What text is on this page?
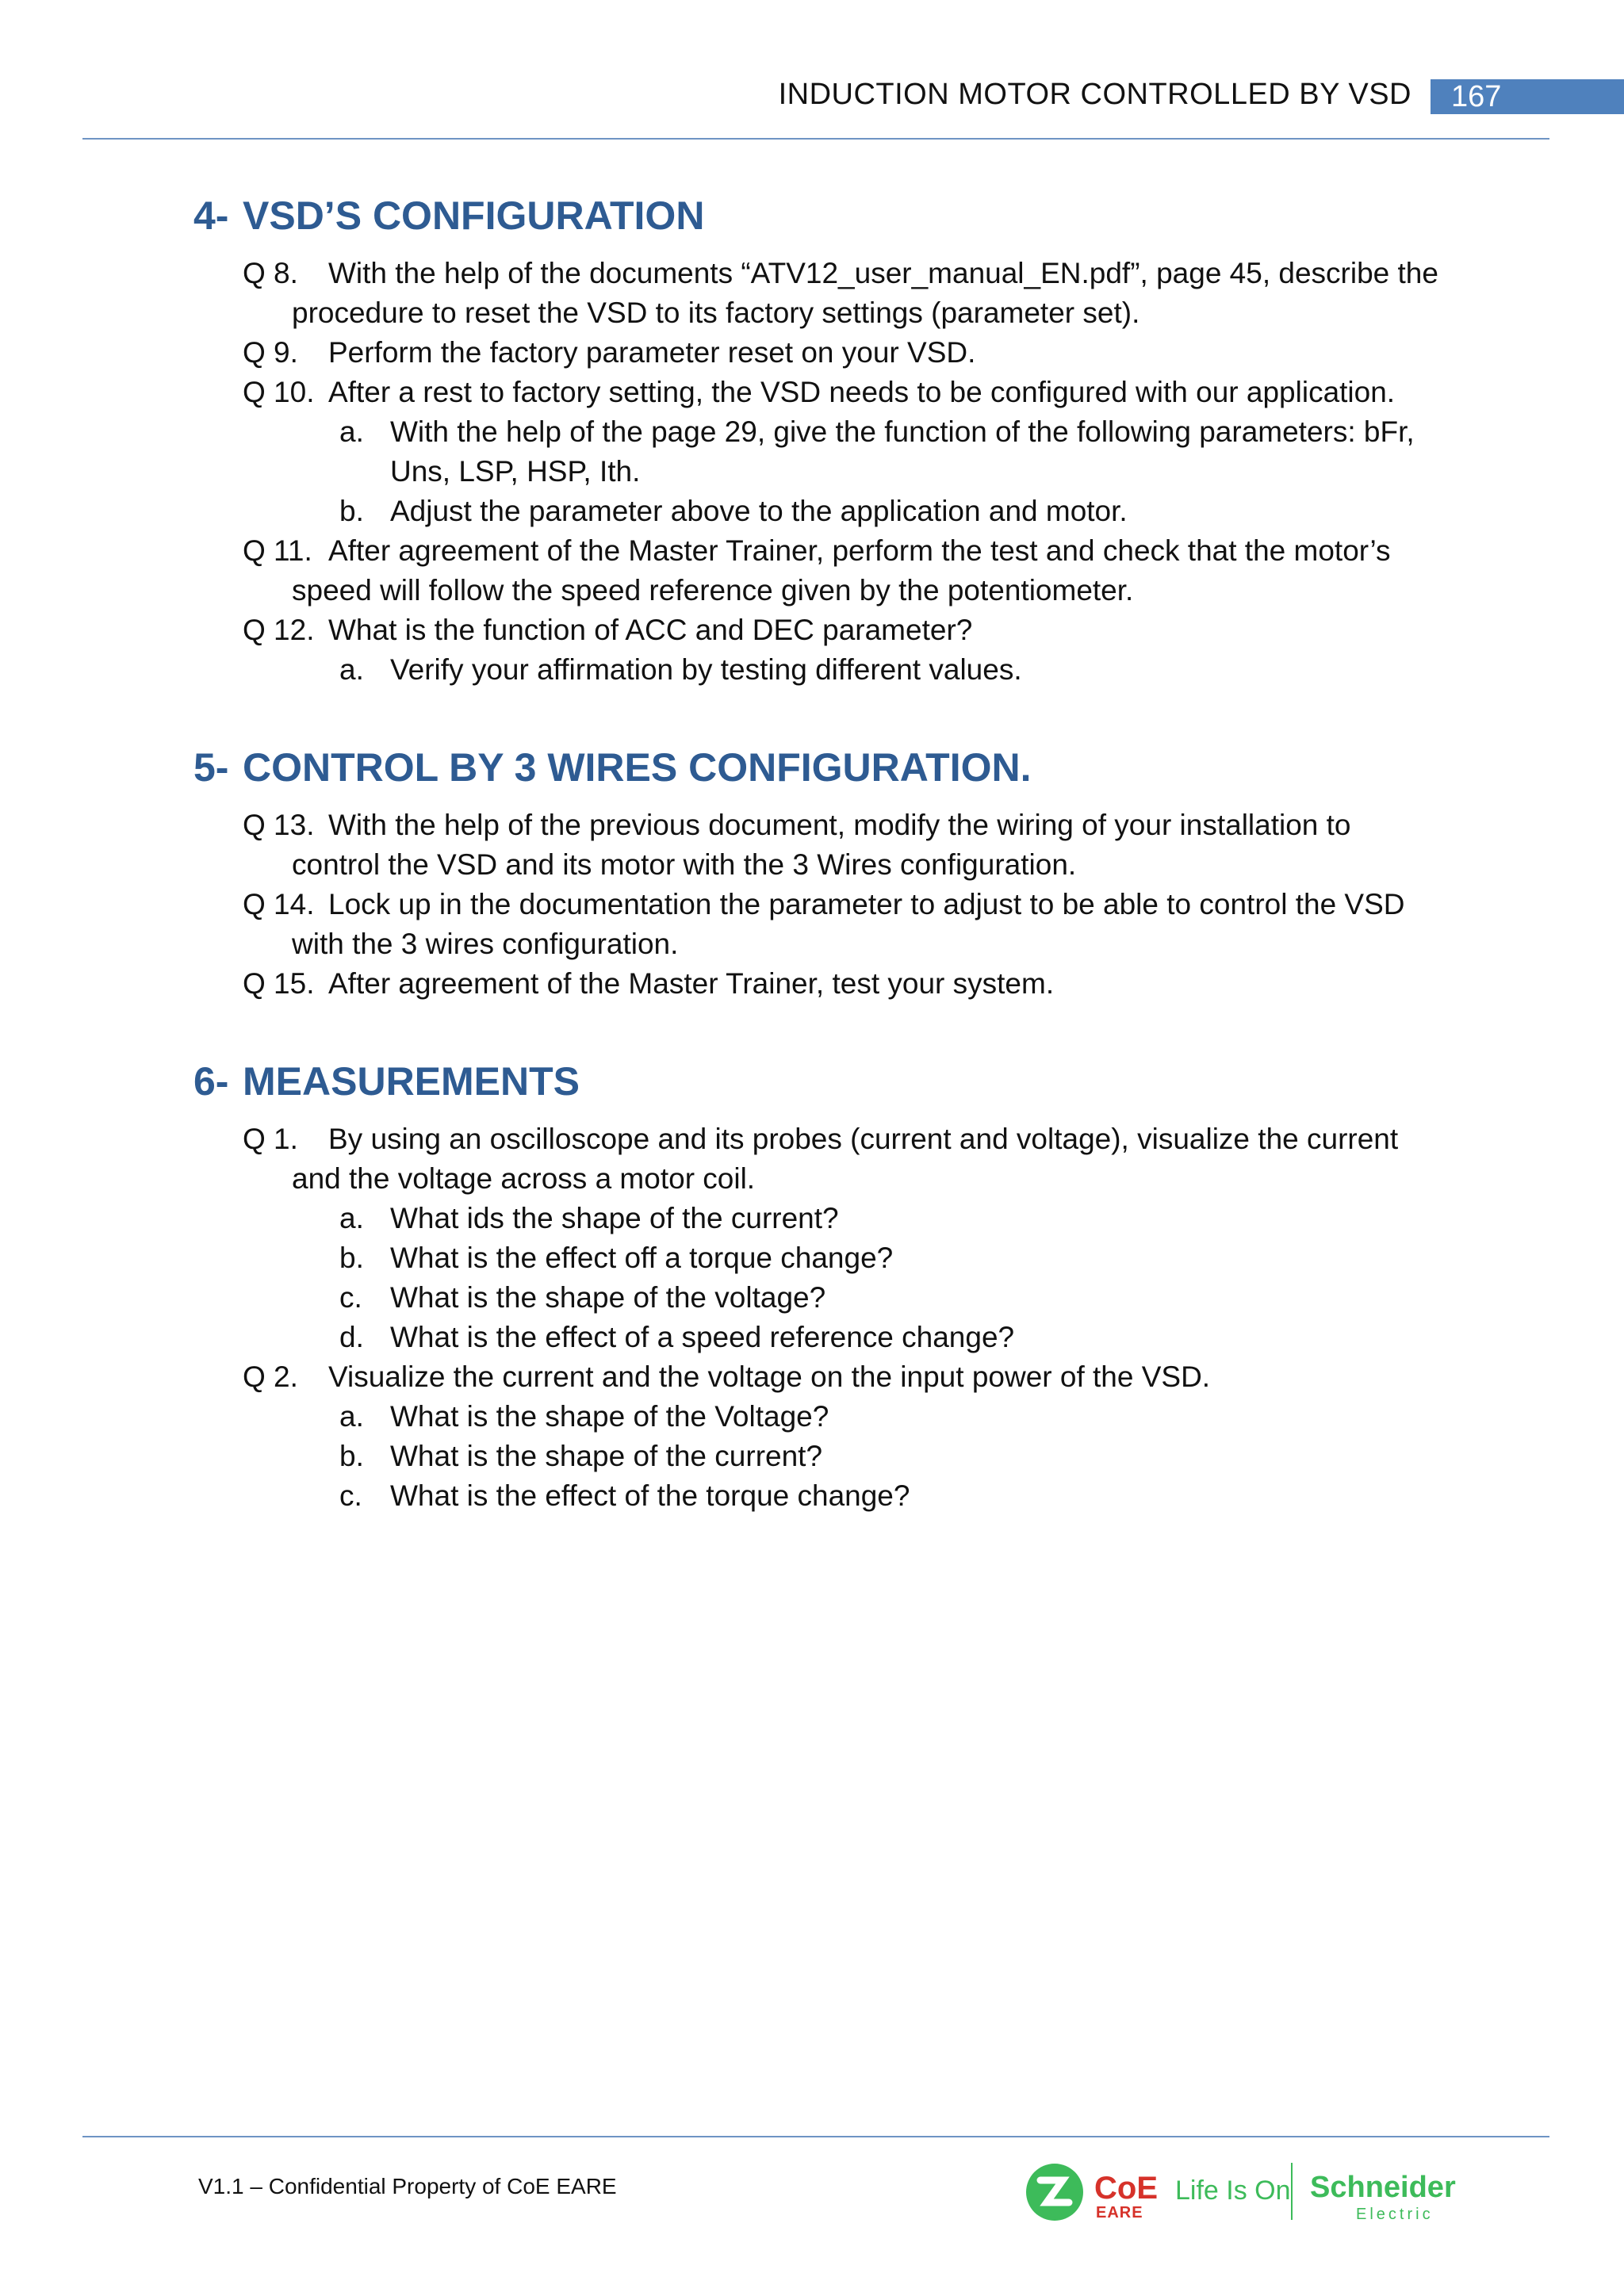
INDUCTION MOTOR CONTROLLED BY VSD	167
4- VSD’S CONFIGURATION
Q 8.	With the help of the documents “ATV12_user_manual_EN.pdf”, page 45, describe the procedure to reset the VSD to its factory settings (parameter set).
Q 9.	Perform the factory parameter reset on your VSD.
Q 10. After a rest to factory setting, the VSD needs to be configured with our application.
a. With the help of the page 29, give the function of the following parameters: bFr, Uns, LSP, HSP, Ith.
b. Adjust the parameter above to the application and motor.
Q 11. After agreement of the Master Trainer, perform the test and check that the motor’s speed will follow the speed reference given by the potentiometer.
Q 12. What is the function of ACC and DEC parameter?
a. Verify your affirmation by testing different values.
5- CONTROL BY 3 WIRES CONFIGURATION.
Q 13. With the help of the previous document, modify the wiring of your installation to control the VSD and its motor with the 3 Wires configuration.
Q 14. Lock up in the documentation the parameter to adjust to be able to control the VSD with the 3 wires configuration.
Q 15. After agreement of the Master Trainer, test your system.
6- MEASUREMENTS
Q 1.	By using an oscilloscope and its probes (current and voltage), visualize the current and the voltage across a motor coil.
a. What ids the shape of the current?
b. What is the effect off a torque change?
c. What is the shape of the voltage?
d. What is the effect of a speed reference change?
Q 2.	Visualize the current and the voltage on the input power of the VSD.
a. What is the shape of the Voltage?
b. What is the shape of the current?
c. What is the effect of the torque change?
V1.1 – Confidential Property of CoE EARE	CoE
EARE
Life Is On Schneider
Electric
